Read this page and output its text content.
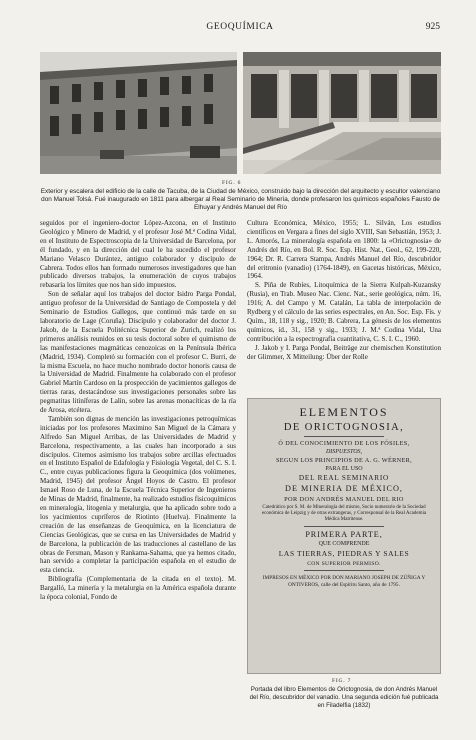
GEOQUÍMICA	925
FIG. 6
Exterior y escalera del edificio de la calle de Tacuba, de la Ciudad de México, construido bajo la dirección del arquitecto y escultor valenciano don Manuel Tolsá. Fué inaugurado en 1811 para albergar al Real Seminario de Minería, donde profesaron los químicos españoles Fausto de Elhuyar y Andrés Manuel del Río

seguidos por el ingeniero-doctor López-Azcona, en el Instituto Geológico y Minero de Madrid, y el profesor José M.ª Codina Vidal, en el Instituto de Espectroscopia de la Universidad de Barcelona, por él fundado, y en la dirección del cual le ha sucedido el profesor Mariano Velasco Durántez, antiguo colaborador y discípulo de Cabrera. Todos ellos han formado numerosos investigadores que han publicado diversos trabajos, la enumeración de cuyos trabajos rebasaría los límites que nos han sido impuestos.

Son de señalar aquí los trabajos del doctor Isidro Parga Pondal, antiguo profesor de la Universidad de Santiago de Compostela y del Seminario de Estudios Gallegos, que continuó más tarde en su laboratorio de Lage (Coruña). Discípulo y colaborador del doctor J. Jakob, de la Escuela Politécnica Superior de Zurich, realizó los primeros análisis reunidos en su tesis doctoral sobre el quimismo de las manifestaciones magmáticas cenozoicas en la Península Ibérica (Madrid, 1934). Completó su formación con el profesor C. Burri, de la misma Escuela, no hace mucho nombrado doctor honoris causa de la Universidad de Madrid. Finalmente ha colaborado con el profesor Gabriel Martín Cardoso en la prospección de yacimientos gallegos de tierras raras, destacándose sus investigaciones personales sobre las pegmatitas litiníferas de Lalín, sobre las arenas monacíticas de la ría de Arosa, etcétera.

También son dignas de mención las investigaciones petroquímicas iniciadas por los profesores Maximino San Miguel de la Cámara y Alfredo San Miguel Arribas, de las Universidades de Madrid y Barcelona, respectivamente, a las cuales han incorporado a sus discípulos. Citemos asimismo los trabajos sobre arcillas efectuados en el Instituto Español de Edafología y Fisiología Vegetal, del C. S. I. C., entre cuyas publicaciones figura la Geoquímica (dos volúmenes, Madrid, 1945) del profesor Ángel Hoyos de Castro. El profesor Ismael Roso de Luna, de la Escuela Técnica Superior de Ingenieros de Minas de Madrid, finalmente, ha realizado estudios fisicoquímicos en mineralogía, litogenia y metalurgia, que ha aplicado sobre todo a los yacimientos cupríferos de Riotinto (Huelva). Finalmente la creación de las enseñanzas de Geoquímica, en la licenciatura de Ciencias Geológicas, que se cursa en las Universidades de Madrid y de Barcelona, la publicación de las traducciones al castellano de las obras de Fersman, Mason y Rankama-Sahama, que ya hemos citado, han servido a completar la participación española en el estudio de esta ciencia.

Bibliografía (Complementaria de la citada en el texto). M. Bargalló, La minería y la metalurgia en la América española durante la época colonial, Fondo de

Cultura Económica, México, 1955; L. Silván, Los estudios científicos en Vergara a fines del siglo XVIII, San Sebastián, 1953; J. L. Amorós, La mineralogía española en 1800: la «Orictognosia» de Andrés del Río, en Bol. R. Soc. Esp. Hist. Nat., Geol., 62, 199-220, 1964; Dr. R. Carrera Stampa, Andrés Manuel del Río, descubridor del eritronio (vanadio) (1764-1849), en Gacetas históricas, México, 1964.

S. Piña de Rubíes, Litoquímica de la Sierra Kulpah-Kuzansky (Rusia), en Trab. Museo Nac. Cienc. Nat., serie geológica, núm. 16, 1916; A. del Campo y M. Catalán, La tabla de interpolación de Rydberg y el cálculo de las series espectrales, en An. Soc. Esp. Fís. y Quím., 18, 118 y sig., 1920; B. Cabrera, La génesis de los elementos químicos, íd., 31, 158 y sig., 1933; J. M.ª Codina Vidal, Una contribución a la espectrografía cuantitativa, C. S. I. C., 1960.

J. Jakob y I. Parga Pondal, Beiträge zur chemischen Konstitution der Glimmer, X Mitteilung: Über der Rolle

ELEMENTOS
DE ORICTOGNOSIA,
Ó DEL CONOCIMIENTO DE LOS FÓSILES,
DISPUESTOS,
SEGUN LOS PRINCIPIOS DE A. G. WÉRNER,
PARA EL USO
DEL REAL SEMINARIO
DE MINERIA DE MÉXICO,
POR DON ANDRÉS MANUEL DEL RIO
Catedrático por S. M. de Mineralogía del mismo, Socio numerario de la Sociedad económica de Leipzig y de otras extrangeras, y Corresponsal de la Real Academia Médica Matritense.
PRIMERA PARTE,
QUE COMPRENDE
LAS TIERRAS, PIEDRAS Y SALES
CON SUPERIOR PERMISO.
IMPRESOS EN MÉXICO POR DON MARIANO JOSEPH DE ZÚÑIGA Y ONTIVEROS, calle del Espíritu Santo, año de 1795.
FIG. 7
Portada del libro Elementos de Orictognosia, de don Andrés Manuel del Río, descubridor del vanadio. Una segunda edición fué publicada en Filadelfia (1832)
